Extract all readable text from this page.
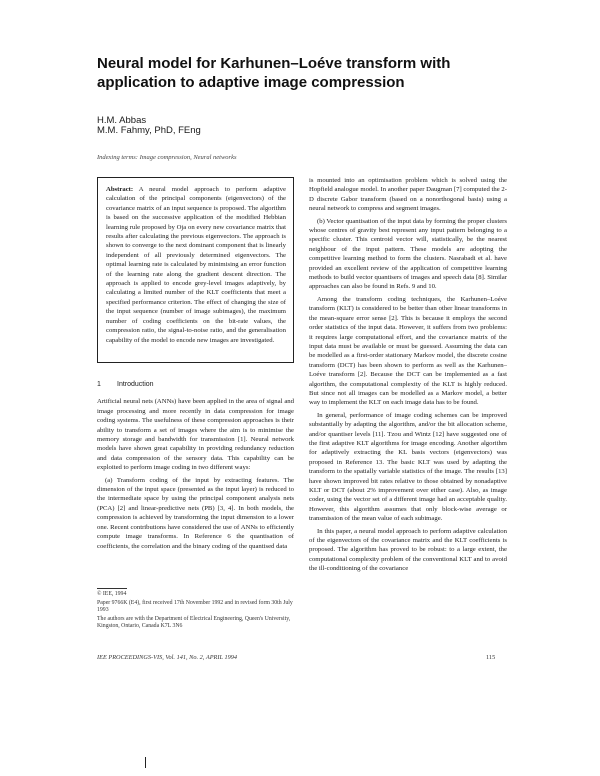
Neural model for Karhunen–Loéve transform with application to adaptive image compression
H.M. Abbas
M.M. Fahmy, PhD, FEng
Indexing terms: Image compression, Neural networks
Abstract: A neural model approach to perform adaptive calculation of the principal components (eigenvectors) of the covariance matrix of an input sequence is proposed. The algorithm is based on the successive application of the modified Hebbian learning rule proposed by Oja on every new covariance matrix that results after calculating the previous eigenvectors. The approach is shown to converge to the next dominant component that is linearly independent of all previously determined eigenvectors. The optimal learning rate is calculated by minimising an error function of the learning rate along the gradient descent direction. The approach is applied to encode grey-level images adaptively, by calculating a limited number of the KLT coefficients that meet a specified performance criterion. The effect of changing the size of the input sequence (number of image subimages), the maximum number of coding coefficients on the bit-rate values, the compression ratio, the signal-to-noise ratio, and the generalisation capability of the model to encode new images are investigated.
1 Introduction

Artificial neural nets (ANNs) have been applied in the area of signal and image processing and more recently in data compression for image coding systems. The usefulness of these compression approaches is their ability to transform a set of images where the aim is to minimise the memory storage and bandwidth for transmission [1]. Neural network models have shown great capability in providing redundancy reduction and data compression of the sensory data. This capability can be exploited to perform image coding in two different ways:

(a) Transform coding of the input by extracting features. The dimension of the input space (presented as the input layer) is reduced to the intermediate space by using the principal component analysis nets (PCA) [2] and linear-predictive nets (PB) [3, 4]. In both models, the compression is achieved by transforming the input dimension to a lower one. Recent contributions have considered the use of ANNs to efficiently compute image transforms. In Reference 6 the quantisation of coefficients, the correlation and the binary coding of the quantised data

© IEE, 1994
Paper 9766K (E4), first received 17th November 1992 and in revised form 30th July 1993
The authors are with the Department of Electrical Engineering, Queen's University, Kingston, Ontario, Canada K7L 3N6

is mounted into an optimisation problem which is solved using the Hopfield analogue model. In another paper Daugman [7] computed the 2-D discrete Gabor transform (based on a nonorthogonal basis) using a neural network to compress and segment images.

(b) Vector quantisation of the input data by forming the proper clusters whose centres of gravity best represent any input pattern belonging to a specific cluster. This centroid vector will, statistically, be the nearest neighbour of the input pattern. These models are adopting the competitive learning method to form the clusters. Nasrabadi et al. have provided an excellent review of the application of competitive learning methods to build vector quantisers of images and speech data [8]. Similar approaches can also be found in Refs. 9 and 10.

Among the transform coding techniques, the Karhunen–Loéve transform (KLT) is considered to be better than other linear transforms in the mean-square error sense [2]. This is because it employs the second order statistics of the input data. However, it suffers from two problems: it requires large computational effort, and the covariance matrix of the input data must be available or must be guessed. Assuming the data can be modelled as a first-order stationary Markov model, the discrete cosine transform (DCT) has been shown to perform as well as the Karhunen–Loéve transform [2]. Because the DCT can be implemented as a fast algorithm, the computational complexity of the KLT is highly reduced. But since not all images can be modelled as a Markov model, a better way to implement the KLT on each image data has to be found.

In general, performance of image coding schemes can be improved substantially by adapting the algorithm, and/or the bit allocation scheme, and/or quantiser levels [11]. Tzou and Wintz [12] have suggested one of the first adaptive KLT algorithms for image encoding. Another algorithm for adaptively extracting the KL basis vectors (eigenvectors) was proposed in Reference 13. The basic KLT was used by adapting the transform to the spatially variable statistics of the image. The results [13] have shown improved bit rates relative to those obtained by nonadaptive KLT or DCT (about 2% improvement over either case). Also, as image coder, using the vector set of a different image had an acceptable quality. However, this algorithm assumes that only block-wise average or transmission of the mean value of each subimage.

In this paper, a neural model approach to perform adaptive calculation of the eigenvectors of the covariance matrix and the KLT coefficients is proposed. The algorithm has proved to be robust: to a large extent, the computational complexity problem of the conventional KLT and to avoid the ill-conditioning of the covariance

IEE PROCEEDINGS-VIS, Vol. 141, No. 2, APRIL 1994	115
